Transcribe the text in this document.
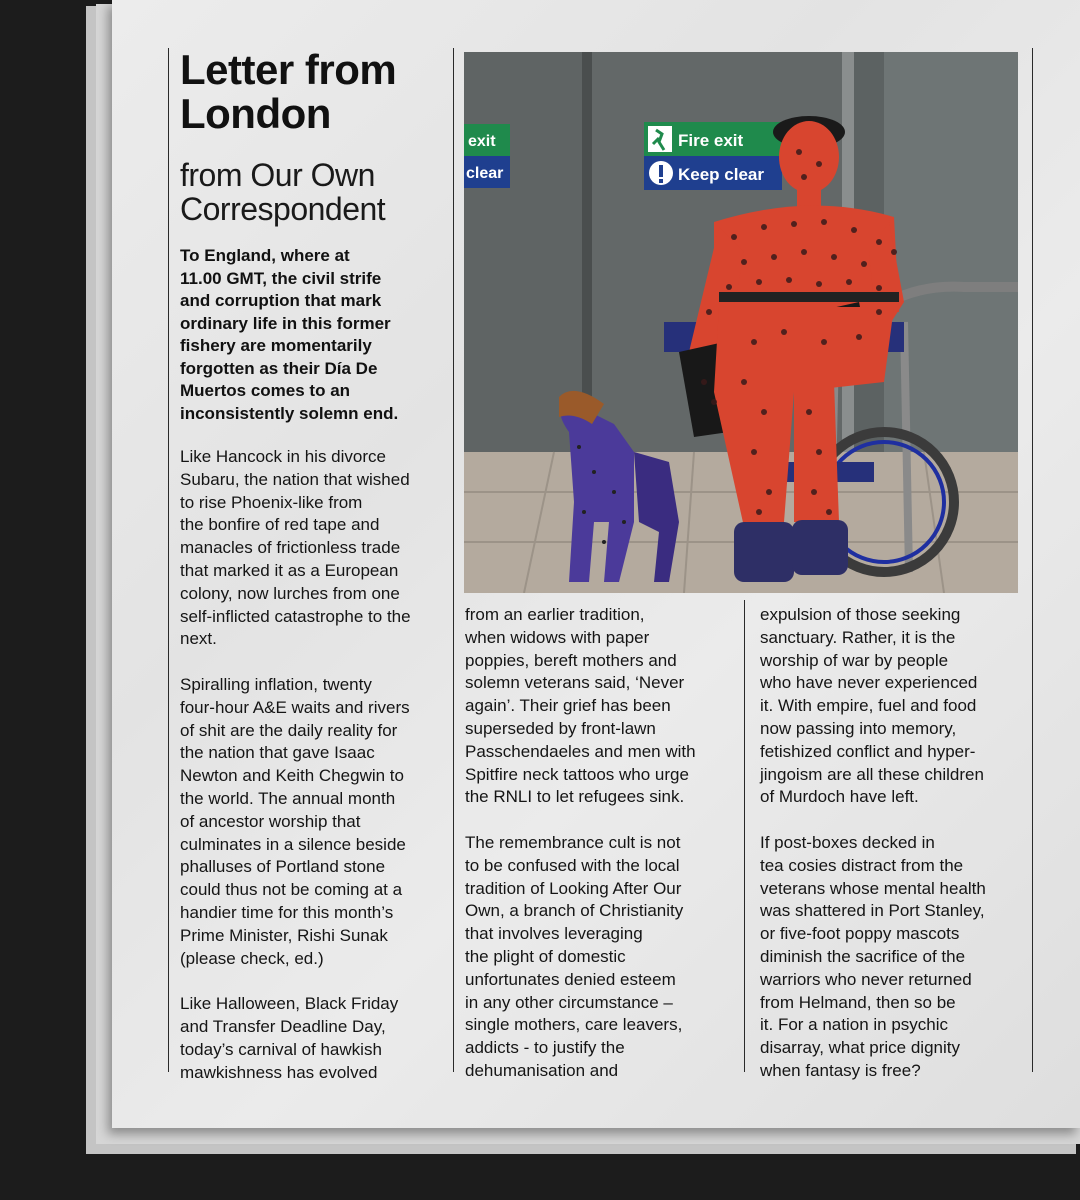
Letter from
London
from Our Own
Correspondent
To England, where at
11.00 GMT, the civil strife
and corruption that mark
ordinary life in this former
fishery are momentarily
forgotten as their Día De
Muertos comes to an
inconsistently solemn end.
Like Hancock in his divorce
Subaru, the nation that wished
to rise Phoenix-like from
the bonfire of red tape and
manacles of frictionless trade
that marked it as a European
colony, now lurches from one
self-inflicted catastrophe to the
next.
Spiralling inflation, twenty
four-hour A&E waits and rivers
of shit are the daily reality for
the nation that gave Isaac
Newton and Keith Chegwin to
the world. The annual month
of ancestor worship that
culminates in a silence beside
phalluses of Portland stone
could thus not be coming at a
handier time for this month’s
Prime Minister, Rishi Sunak
(please check, ed.)
Like Halloween, Black Friday
and Transfer Deadline Day,
today’s carnival of hawkish
mawkishness has evolved
from an earlier tradition,
when widows with paper
poppies, bereft mothers and
solemn veterans said, ‘Never
again’. Their grief has been
superseded by front-lawn
Passchendaeles and men with
Spitfire neck tattoos who urge
the RNLI to let refugees sink.
The remembrance cult is not
to be confused with the local
tradition of Looking After Our
Own, a branch of Christianity
that involves leveraging
the plight of domestic
unfortunates denied esteem
in any other circumstance –
single mothers, care leavers,
addicts - to justify the
dehumanisation and
expulsion of those seeking
sanctuary. Rather, it is the
worship of war by people
who have never experienced
it. With empire, fuel and food
now passing into memory,
fetishized conflict and hyper-
jingoism are all these children
of Murdoch have left.
If post-boxes decked in
tea cosies distract from the
veterans whose mental health
was shattered in Port Stanley,
or five-foot poppy mascots
diminish the sacrifice of the
warriors who never returned
from Helmand, then so be
it. For a nation in psychic
disarray, what price dignity
when fantasy is free?
exit
clear
Fire exit
Keep clear
